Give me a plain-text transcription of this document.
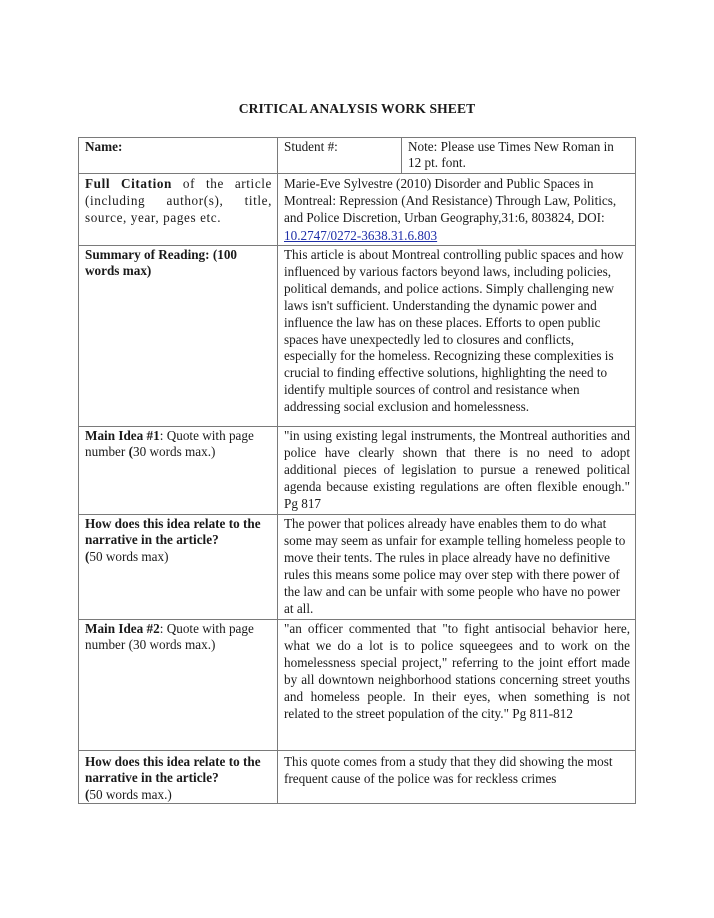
CRITICAL ANALYSIS WORK SHEET
Name:	Student #:	Note: Please use Times New Roman in 12 pt. font.
Full Citation of the article (including author(s), title, source, year, pages etc.	Marie-Eve Sylvestre (2010) Disorder and Public Spaces in Montreal: Repression (And Resistance) Through Law, Politics, and Police Discretion, Urban Geography,31:6, 803824, DOI: 10.2747/0272-3638.31.6.803	
Summary of Reading: (100 words max)	This article is about Montreal controlling public spaces and how influenced by various factors beyond laws, including policies, political demands, and police actions. Simply challenging new laws isn't sufficient. Understanding the dynamic power and influence the law has on these places. Efforts to open public spaces have unexpectedly led to closures and conflicts, especially for the homeless. Recognizing these complexities is crucial to finding effective solutions, highlighting the need to identify multiple sources of control and resistance when addressing social exclusion and homelessness.	
Main Idea #1: Quote with page number (30 words max.)	"in using existing legal instruments, the Montreal authorities and police have clearly shown that there is no need to adopt additional pieces of legislation to pursue a renewed political agenda because existing regulations are often flexible enough." Pg 817	
How does this idea relate to the narrative in the article?
(50 words max)	The power that polices already have enables them to do what some may seem as unfair for example telling homeless people to move their tents. The rules in place already have no definitive rules this means some police may over step with there power of the law and can be unfair with some people who have no power at all.	
Main Idea #2: Quote with page number (30 words max.)	"an officer commented that "to fight antisocial behavior here, what we do a lot is to police squeegees and to work on the homelessness special project," referring to the joint effort made by all downtown neighborhood stations concerning street youths and homeless people. In their eyes, when something is not related to the street population of the city." Pg 811-812	
How does this idea relate to the narrative in the article?
(50 words max.)	This quote comes from a study that they did showing the most frequent cause of the police was for reckless crimes	
